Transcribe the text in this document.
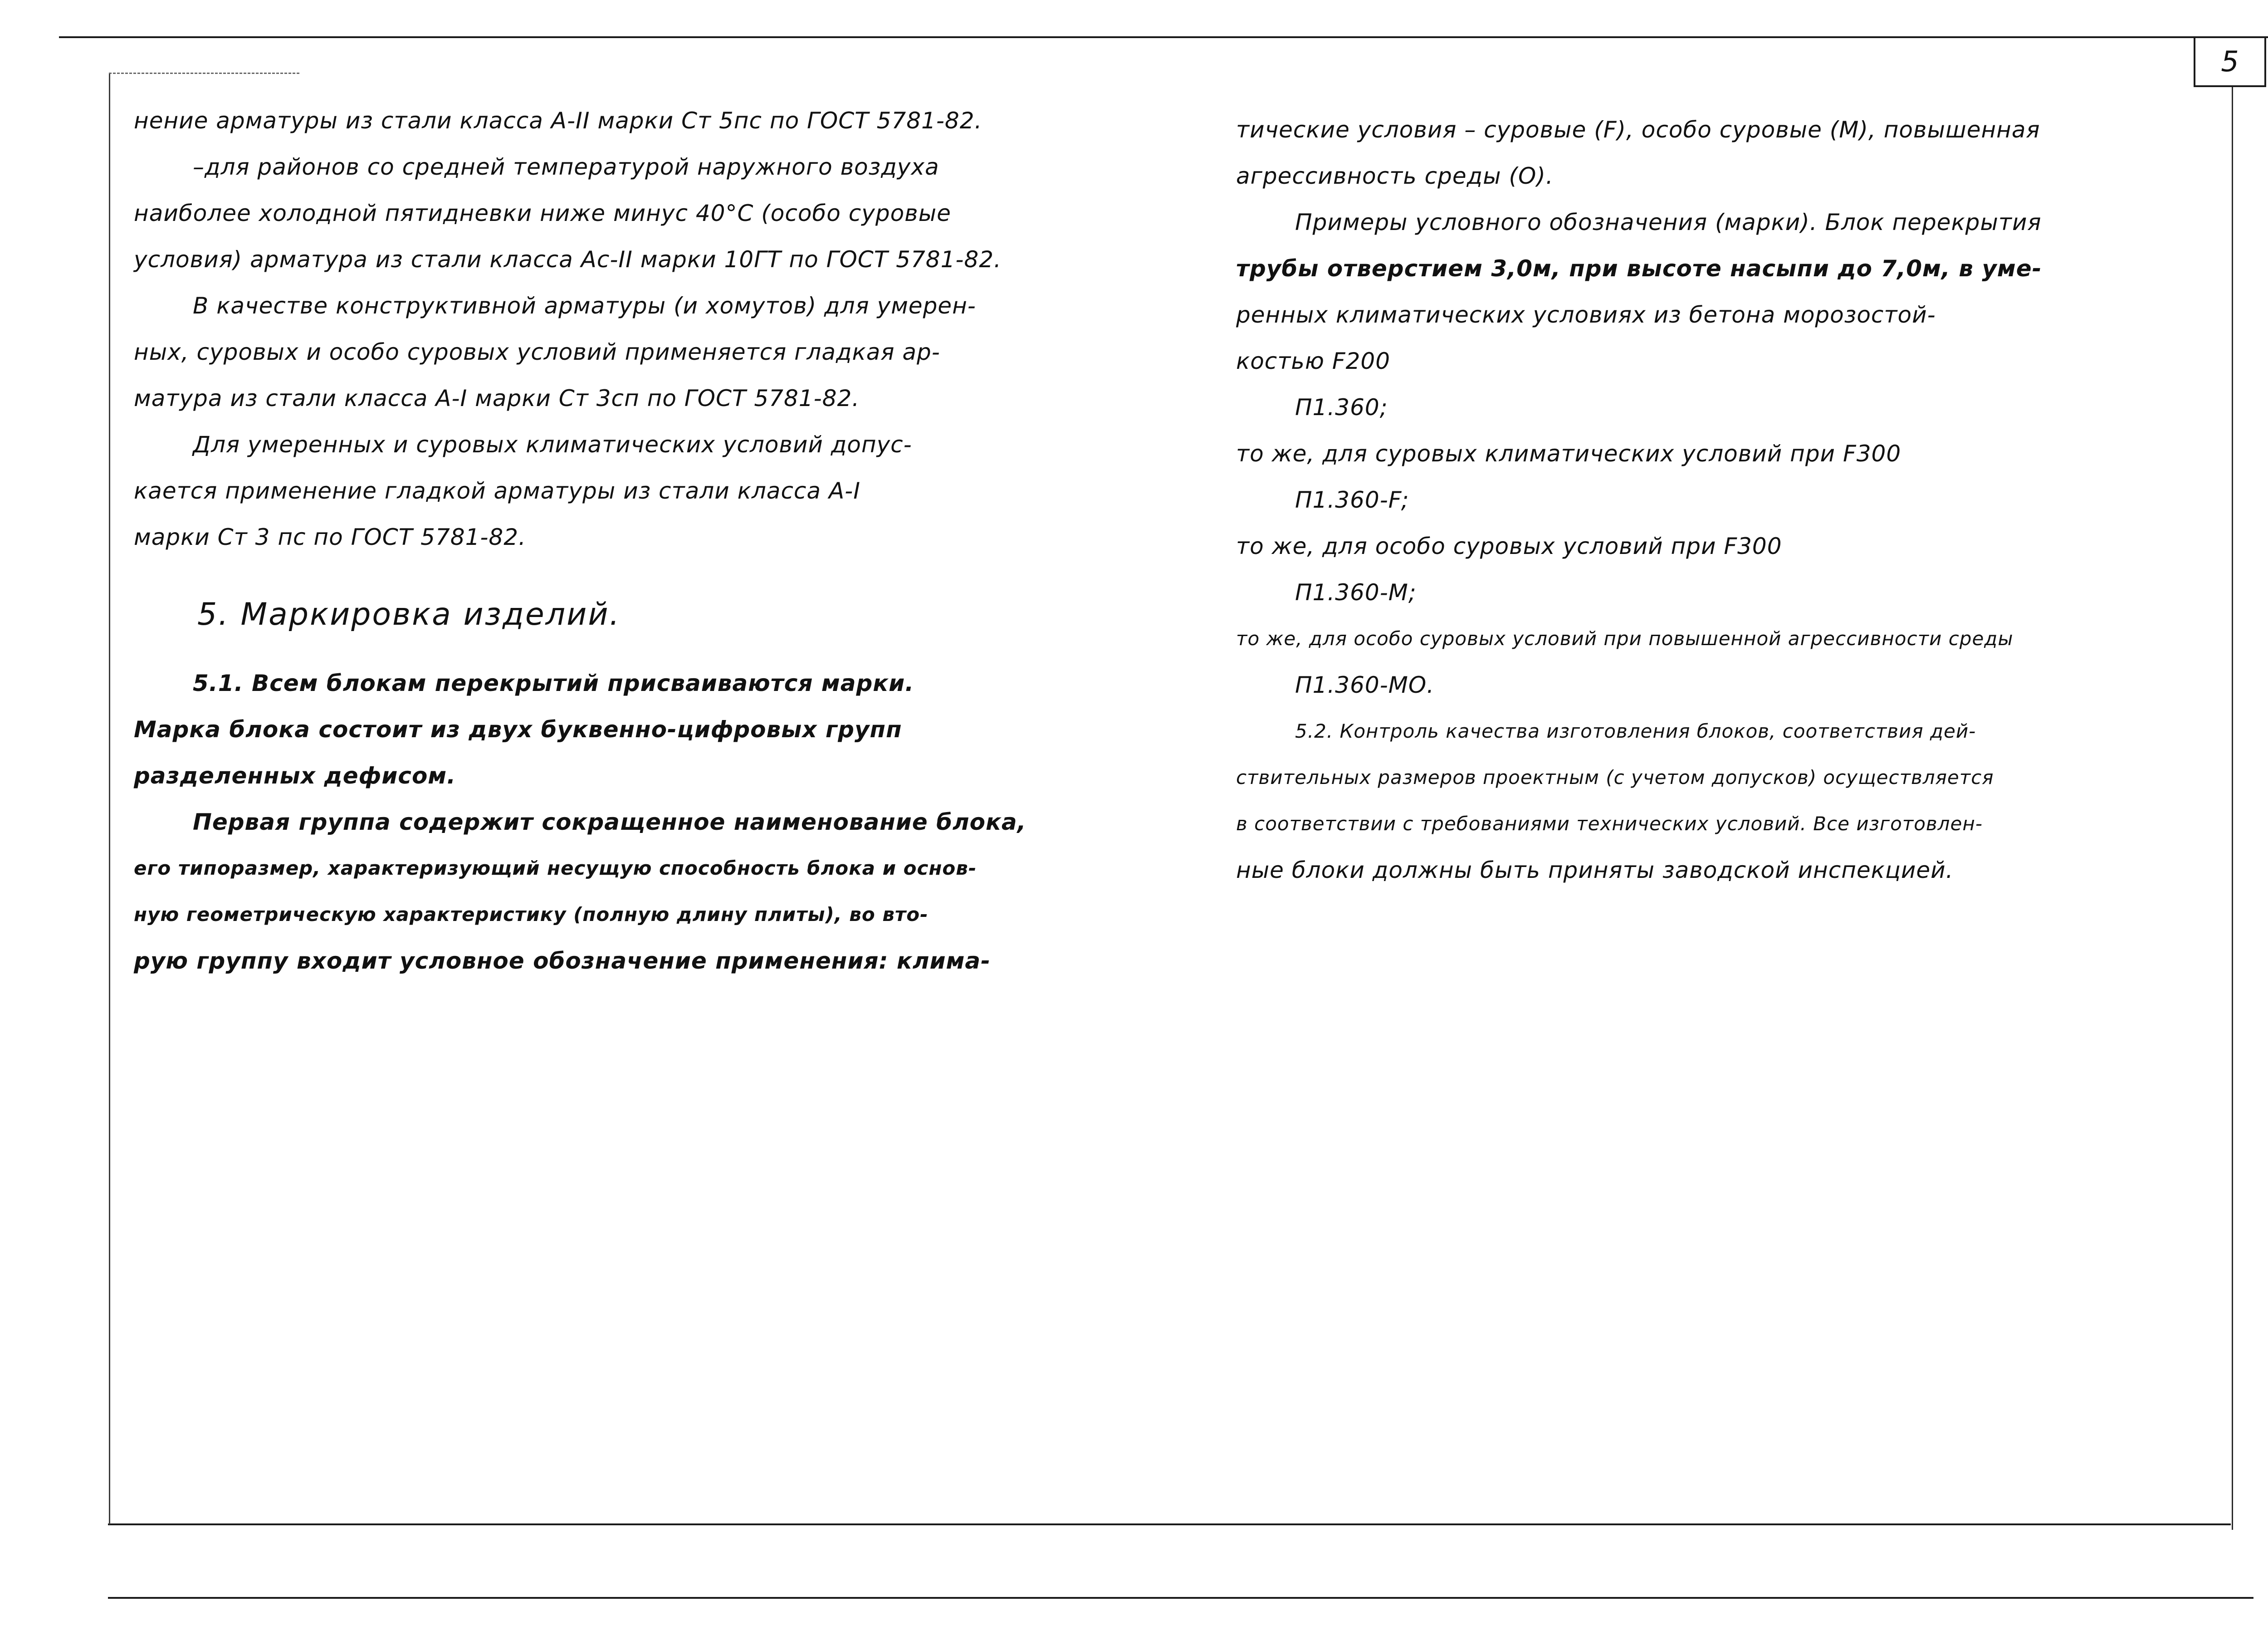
5
нение арматуры из стали класса А-II марки Ст 5пс по ГОСТ 5781-82.
–для районов со средней температурой наружного воздуха
наиболее холодной пятидневки ниже минус 40°С (особо суровые
условия) арматура из стали класса Ас-II марки 10ГТ по ГОСТ 5781-82.
В качестве конструктивной арматуры (и хомутов) для умерен-
ных, суровых и особо суровых условий применяется гладкая ар-
матура из стали класса А-I марки Ст 3сп по ГОСТ 5781-82.
Для умеренных и суровых климатических условий допус-
кается применение гладкой арматуры из стали класса А-I
марки Ст 3 пс по ГОСТ 5781-82.
5. Маркировка изделий.
5.1. Всем блокам перекрытий присваиваются марки.
Марка блока состоит из двух буквенно-цифровых групп
разделенных дефисом.
Первая группа содержит сокращенное наименование блока,
его типоразмер, характеризующий несущую способность блока и основ-
ную геометрическую характеристику (полную длину плиты), во вто-
рую группу входит условное обозначение применения: клима-
тические условия – суровые (F), особо суровые (М), повышенная
агрессивность среды (О).
Примеры условного обозначения (марки). Блок перекрытия
трубы отверстием 3,0м, при высоте насыпи до 7,0м, в уме-
ренных климатических условиях из бетона морозостой-
костью F200
П1.360;
то же, для суровых климатических условий при F300
П1.360-F;
то же, для особо суровых условий при F300
П1.360-М;
то же, для особо суровых условий при повышенной агрессивности среды
П1.360-МО.
5.2. Контроль качества изготовления блоков, соответствия дей-
ствительных размеров проектным (с учетом допусков) осуществляется
в соответствии с требованиями технических условий. Все изготовлен-
ные блоки должны быть приняты заводской инспекцией.
